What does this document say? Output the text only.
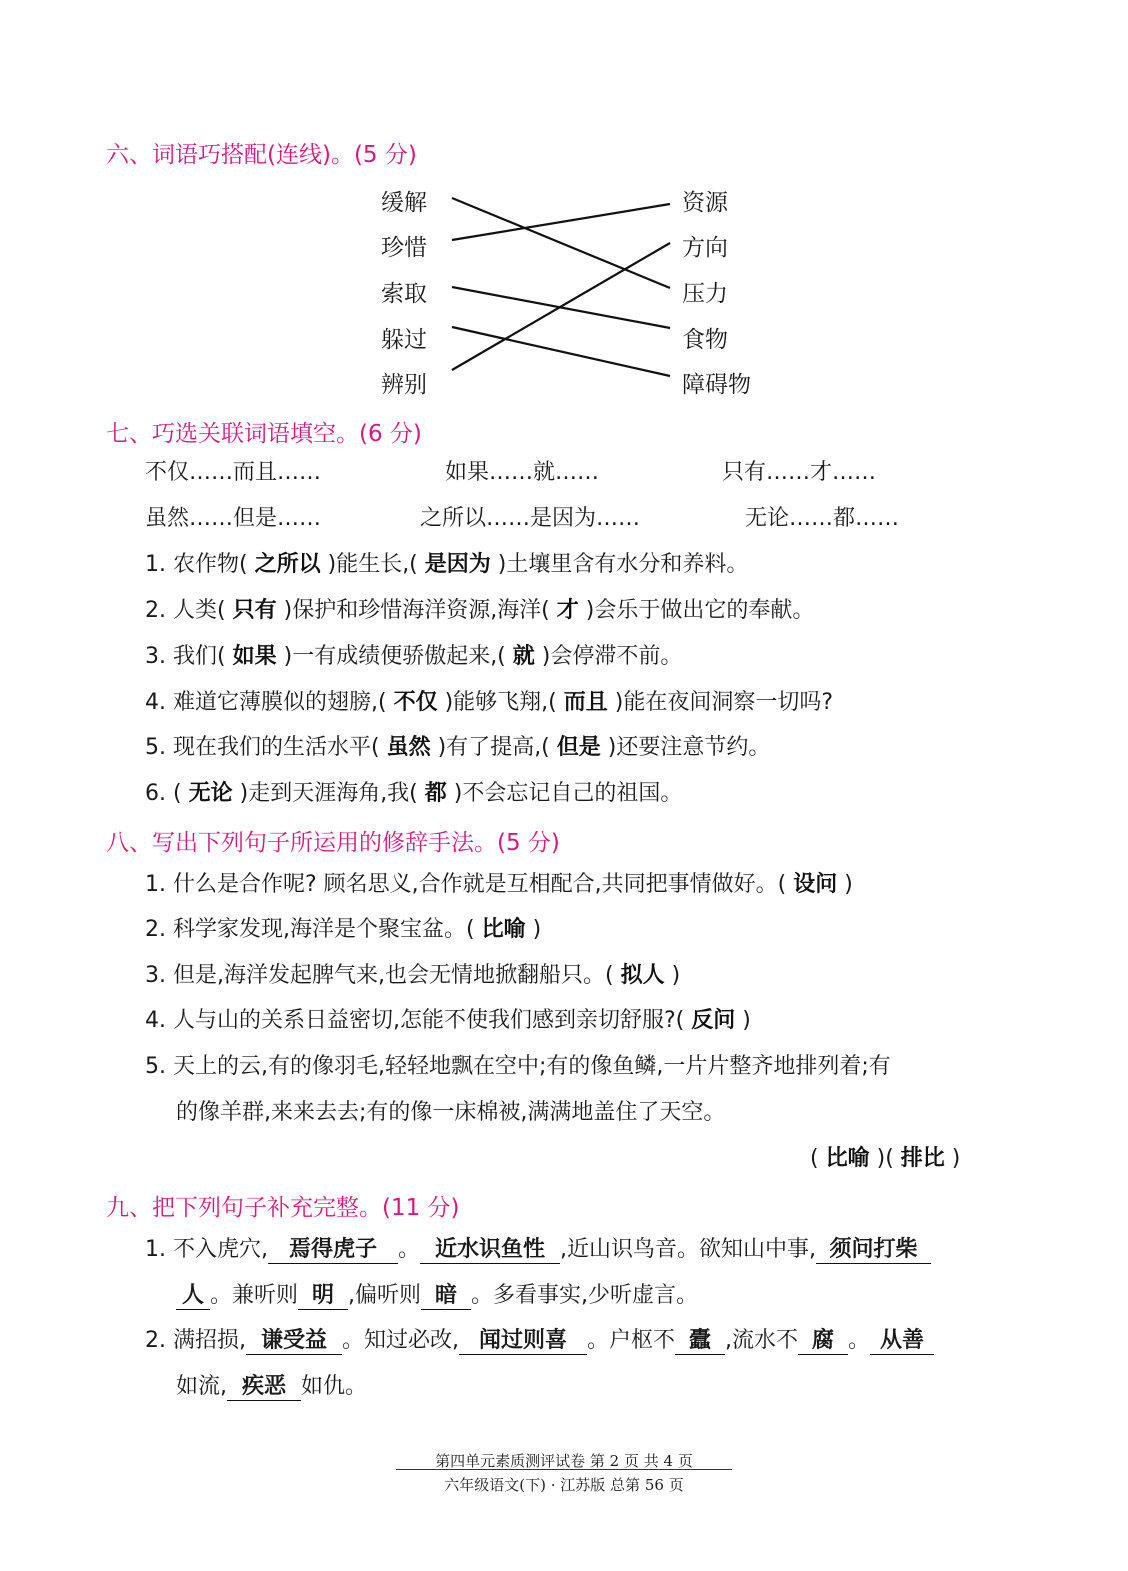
六、词语巧搭配(连线)。(5 分)
缓解
珍惜
索取
躲过
辨别
资源
方向
压力
食物
障碍物
七、巧选关联词语填空。(6 分)
不仅……而且……	如果……就……	只有……才……
虽然……但是……	之所以……是因为……	无论……都……
1. 农作物( 之所以 )能生长,( 是因为 )土壤里含有水分和养料。
2. 人类( 只有 )保护和珍惜海洋资源,海洋( 才 )会乐于做出它的奉献。
3. 我们( 如果 )一有成绩便骄傲起来,( 就 )会停滞不前。
4. 难道它薄膜似的翅膀,( 不仅 )能够飞翔,( 而且 )能在夜间洞察一切吗?
5. 现在我们的生活水平( 虽然 )有了提高,( 但是 )还要注意节约。
6. ( 无论 )走到天涯海角,我( 都 )不会忘记自己的祖国。
八、写出下列句子所运用的修辞手法。(5 分)
1. 什么是合作呢? 顾名思义,合作就是互相配合,共同把事情做好。( 设问 )
2. 科学家发现,海洋是个聚宝盆。( 比喻 )
3. 但是,海洋发起脾气来,也会无情地掀翻船只。( 拟人 )
4. 人与山的关系日益密切,怎能不使我们感到亲切舒服?( 反问 )
5. 天上的云,有的像羽毛,轻轻地飘在空中;有的像鱼鳞,一片片整齐地排列着;有
的像羊群,来来去去;有的像一床棉被,满满地盖住了天空。
( 比喻 )( 排比 )
九、把下列句子补充完整。(11 分)
1. 不入虎穴, 焉得虎子 。 近水识鱼性 ,近山识鸟音。欲知山中事, 须问打柴
人 。兼听则 明 ,偏听则 暗 。多看事实,少听虚言。
2. 满招损, 谦受益 。知过必改, 闻过则喜 。户枢不 蠹 ,流水不 腐 。 从善
如流, 疾恶 如仇。
第四单元素质测评试卷 第 2 页 共 4 页
六年级语文(下) · 江苏版 总第 56 页
